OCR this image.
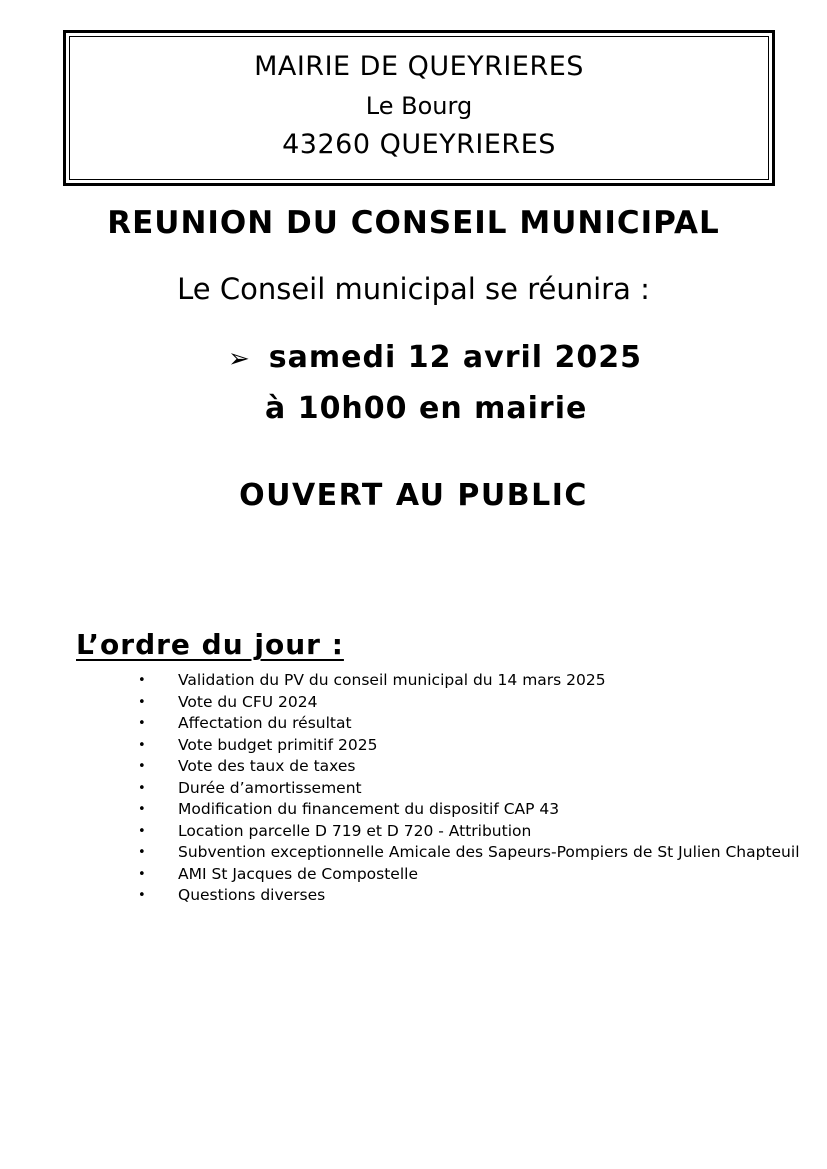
MAIRIE DE QUEYRIERES
Le Bourg
43260 QUEYRIERES
REUNION DU CONSEIL MUNICIPAL
Le Conseil municipal se réunira :
➢ samedi 12 avril 2025
à 10h00 en mairie
OUVERT AU PUBLIC
L’ordre du jour :
• Validation du PV du conseil municipal du 14 mars 2025
• Vote du CFU 2024
• Affectation du résultat
• Vote budget primitif 2025
• Vote des taux de taxes
• Durée d’amortissement
• Modification du financement du dispositif CAP 43
• Location parcelle D 719 et D 720 - Attribution
• Subvention exceptionnelle Amicale des Sapeurs-Pompiers de St Julien Chapteuil
• AMI St Jacques de Compostelle
• Questions diverses
